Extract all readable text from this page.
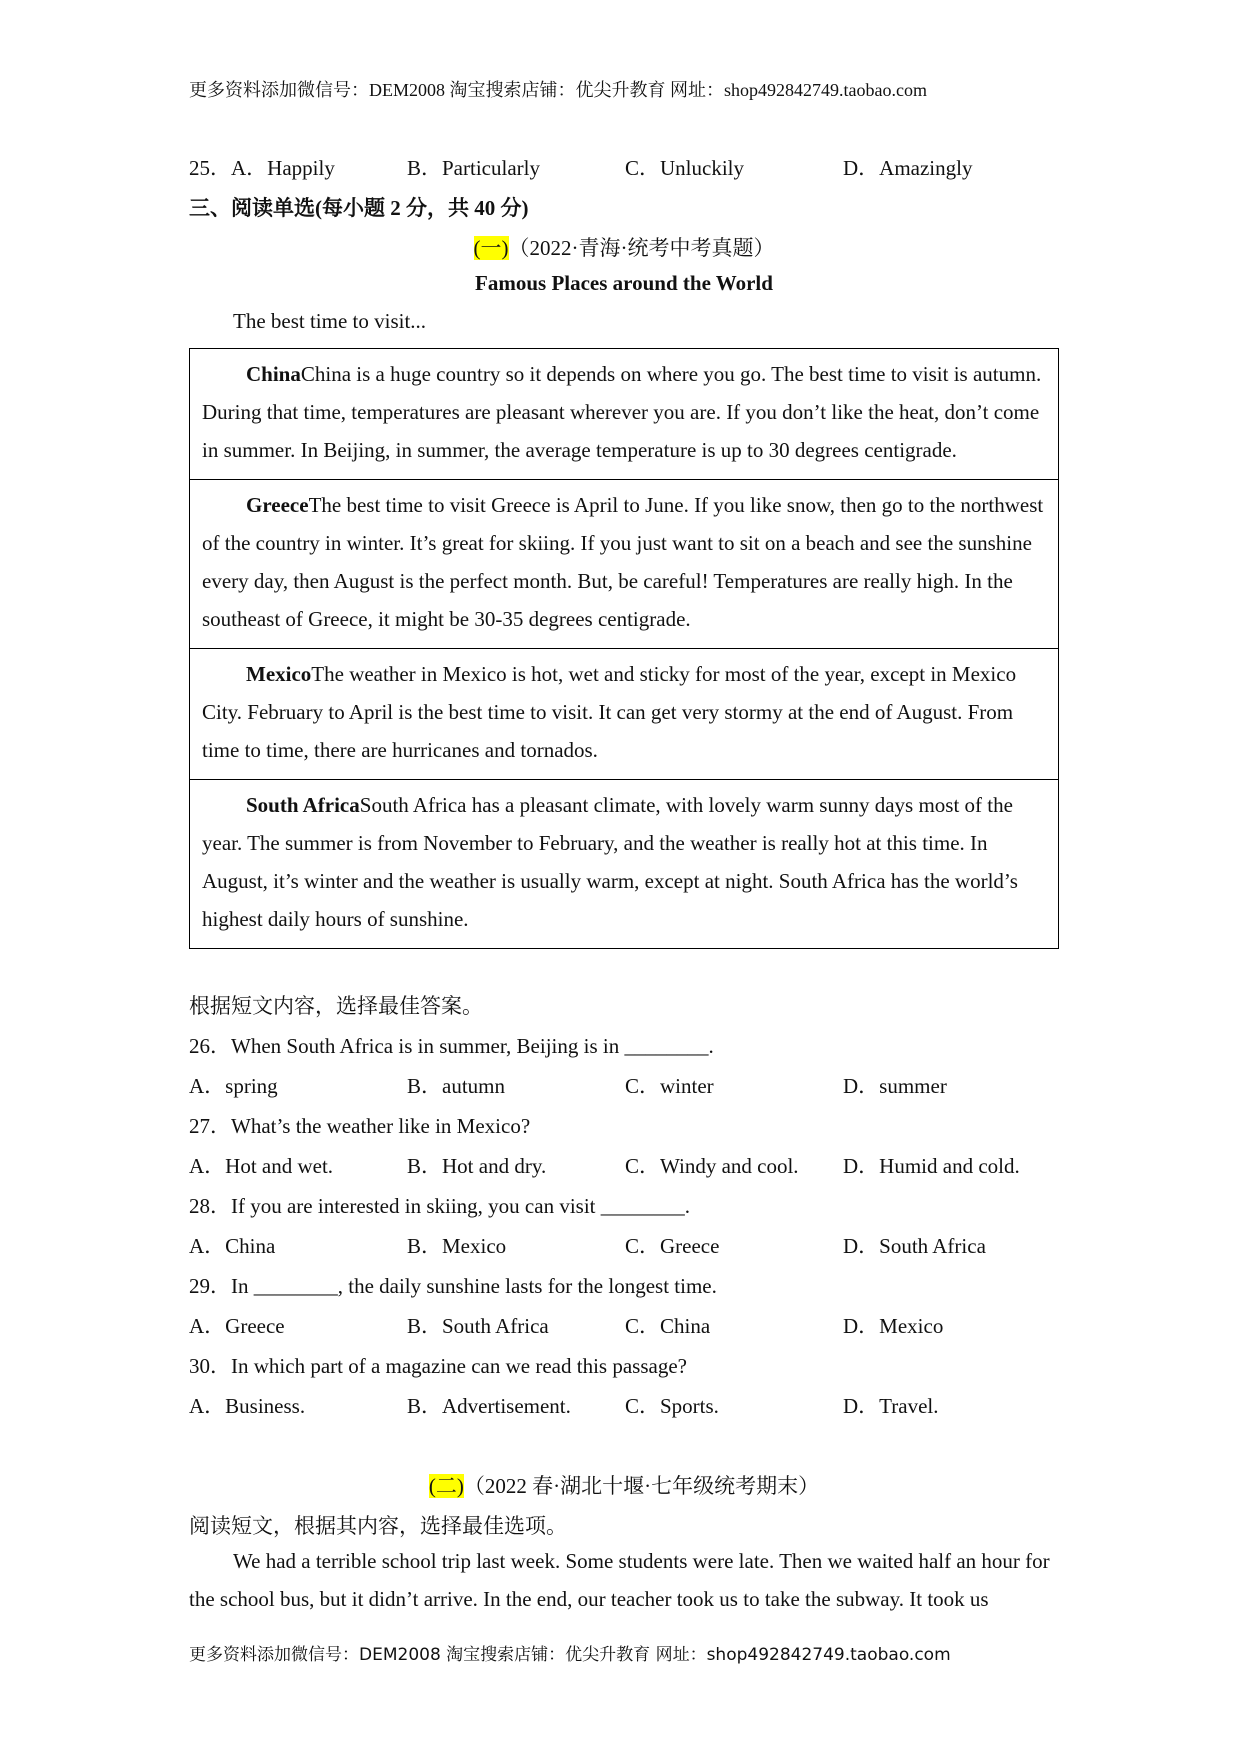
更多资料添加微信号：DEM2008 淘宝搜索店铺：优尖升教育 网址：shop492842749.taobao.com
25．A．Happily	B．Particularly	C．Unluckily	D．Amazingly
三、阅读单选(每小题 2 分，共 40 分)
(一)（2022·青海·统考中考真题）
Famous Places around the World
The best time to visit...
ChinaChina is a huge country so it depends on where you go. The best time to visit is autumn. During that time, temperatures are pleasant wherever you are. If you don’t like the heat, don’t come in summer. In Beijing, in summer, the average temperature is up to 30 degrees centigrade.
GreeceThe best time to visit Greece is April to June. If you like snow, then go to the northwest of the country in winter. It’s great for skiing. If you just want to sit on a beach and see the sunshine every day, then August is the perfect month. But, be careful! Temperatures are really high. In the southeast of Greece, it might be 30-35 degrees centigrade.
MexicoThe weather in Mexico is hot, wet and sticky for most of the year, except in Mexico City. February to April is the best time to visit. It can get very stormy at the end of August. From time to time, there are hurricanes and tornados.
South AfricaSouth Africa has a pleasant climate, with lovely warm sunny days most of the year. The summer is from November to February, and the weather is really hot at this time. In August, it’s winter and the weather is usually warm, except at night. South Africa has the world’s highest daily hours of sunshine.
根据短文内容，选择最佳答案。
26．When South Africa is in summer, Beijing is in ________.
A．spring	B．autumn	C．winter	D．summer
27．What’s the weather like in Mexico?
A．Hot and wet.	B．Hot and dry.	C．Windy and cool. D．Humid and cold.
28．If you are interested in skiing, you can visit ________.
A．China	B．Mexico	C．Greece	D．South Africa
29．In ________, the daily sunshine lasts for the longest time.
A．Greece	B．South Africa	C．China	D．Mexico
30．In which part of a magazine can we read this passage?
A．Business.	B．Advertisement.	C．Sports.	D．Travel.
(二)（2022 春·湖北十堰·七年级统考期末）
阅读短文，根据其内容，选择最佳选项。
We had a terrible school trip last week. Some students were late. Then we waited half an hour for the school bus, but it didn’t arrive. In the end, our teacher took us to take the subway. It took us
更多资料添加微信号：DEM2008 淘宝搜索店铺：优尖升教育 网址：shop492842749.taobao.com
